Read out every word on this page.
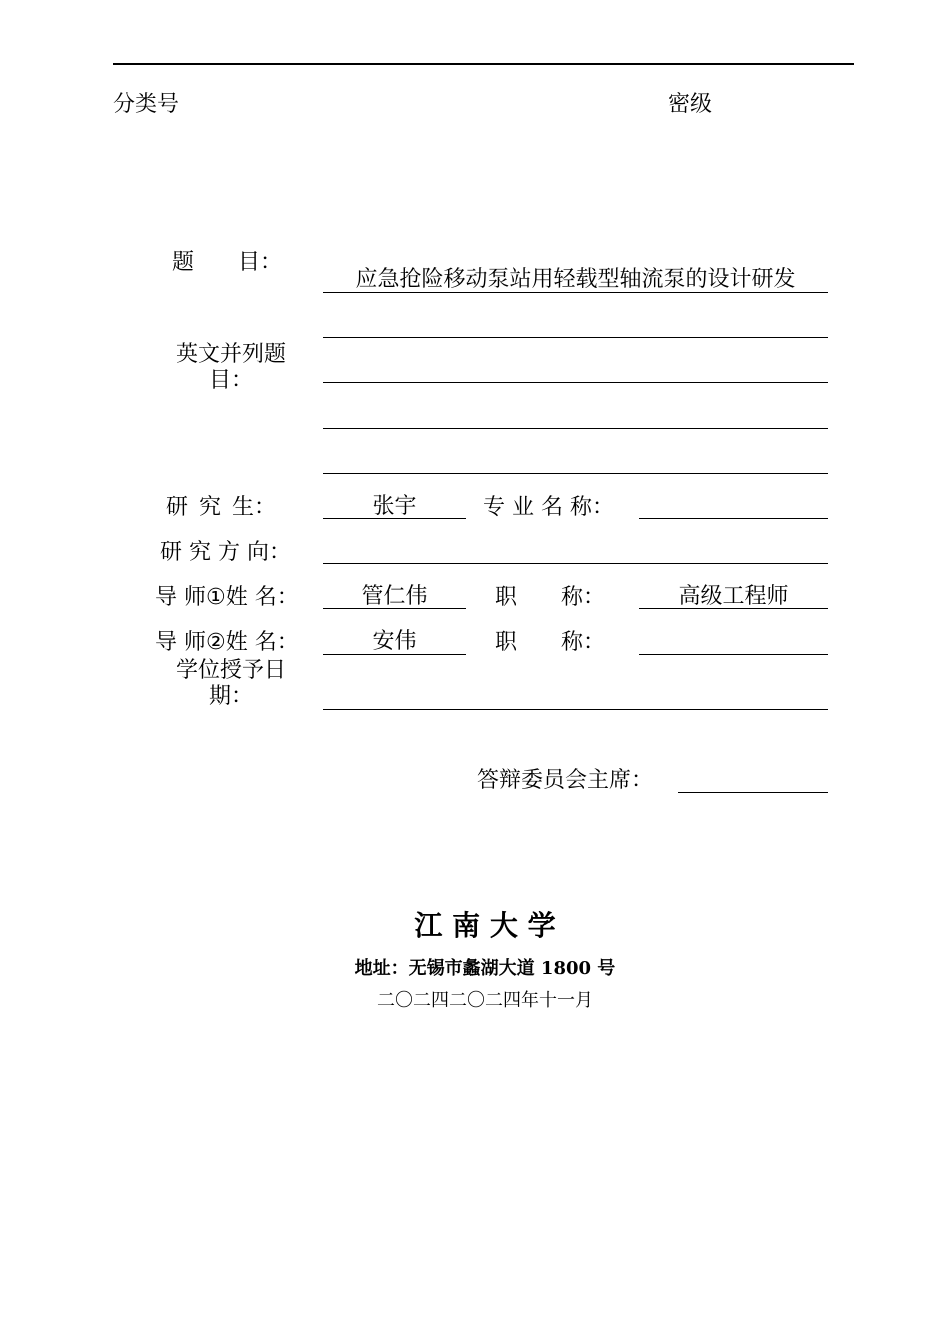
分类号	密级
题　　目：
应急抢险移动泵站用轻载型轴流泵的设计研发
英文并列题
目：
研 究 生：	张宇	专 业 名 称：
研 究 方 向：
导 师①姓 名：	管仁伟	职　　称：	高级工程师
导 师②姓 名：	安伟	职　　称：
学位授予日
期：
答辩委员会主席：
江 南 大 学
地址：无锡市蠡湖大道 1800 号
二〇二四二〇二四年十一月
